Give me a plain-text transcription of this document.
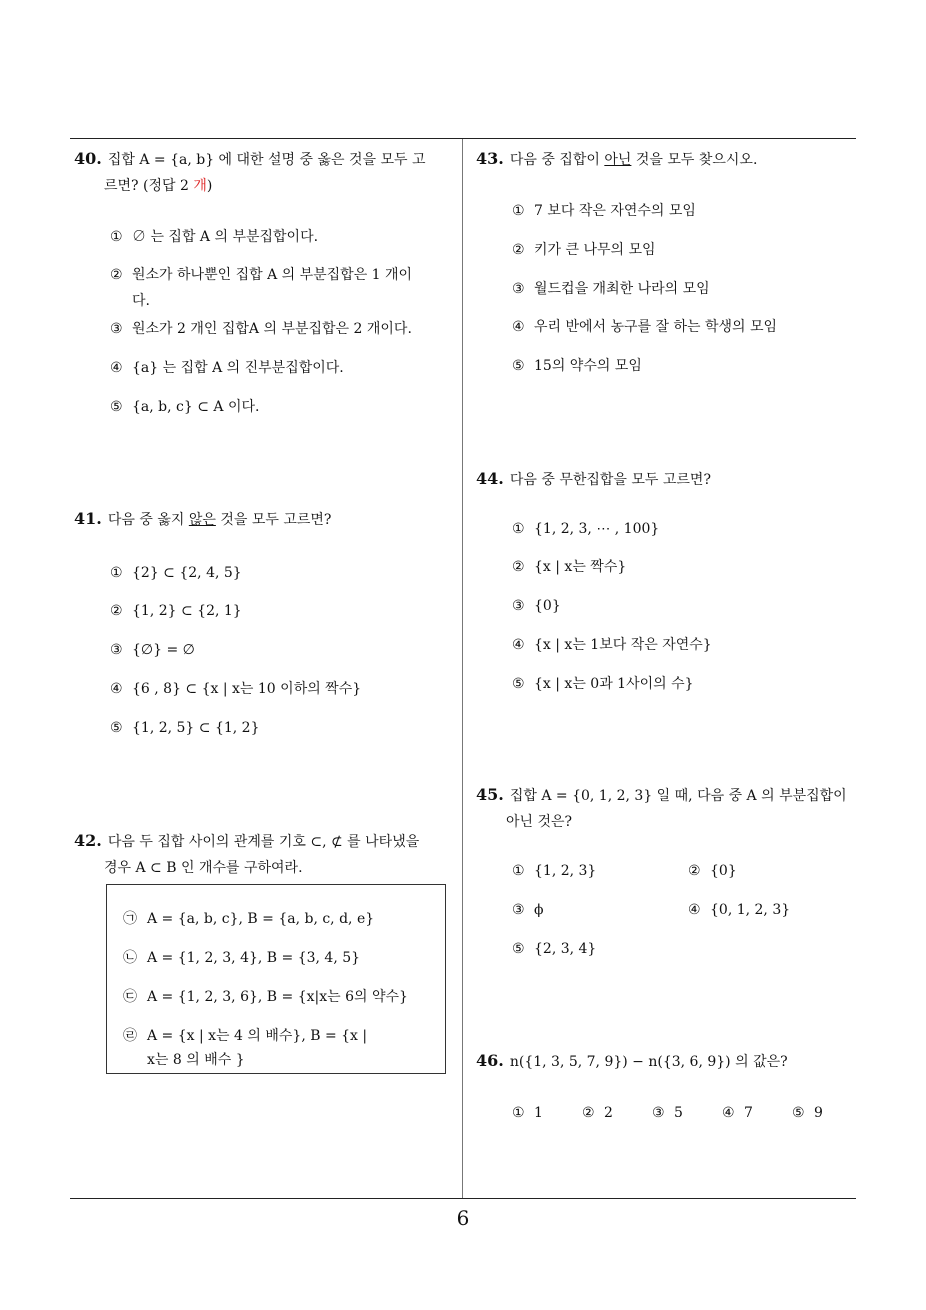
40. 집합 A = {a, b} 에 대한 설명 중 옳은 것을 모두 고
르면? (정답 2 개)
① ∅ 는 집합 A 의 부분집합이다.
② 원소가 하나뿐인 집합 A 의 부분집합은 1 개이
다.
③ 원소가 2 개인 집합A 의 부분집합은 2 개이다.
④ {a} 는 집합 A 의 진부분집합이다.
⑤ {a, b, c} ⊂ A 이다.
41. 다음 중 옳지 않은 것을 모두 고르면?
① {2} ⊂ {2, 4, 5}
② {1, 2} ⊂ {2, 1}
③ {∅} = ∅
④ {6 , 8} ⊂ {x | x는 10 이하의 짝수}
⑤ {1, 2, 5} ⊂ {1, 2}
42. 다음 두 집합 사이의 관계를 기호 ⊂, ⊄ 를 나타냈을
경우 A ⊂ B 인 개수를 구하여라.
㉠ A = {a, b, c}, B = {a, b, c, d, e}
㉡ A = {1, 2, 3, 4}, B = {3, 4, 5}
㉢ A = {1, 2, 3, 6}, B = {x|x는 6의 약수}
㉣ A = {x | x는 4 의 배수}, B = {x |
x는 8 의 배수 }
43. 다음 중 집합이 아닌 것을 모두 찾으시오.
① 7 보다 작은 자연수의 모임
② 키가 큰 나무의 모임
③ 월드컵을 개최한 나라의 모임
④ 우리 반에서 농구를 잘 하는 학생의 모임
⑤ 15의 약수의 모임
44. 다음 중 무한집합을 모두 고르면?
① {1, 2, 3, ⋯ , 100}
② {x | x는 짝수}
③ {0}
④ {x | x는 1보다 작은 자연수}
⑤ {x | x는 0과 1사이의 수}
45. 집합 A = {0, 1, 2, 3} 일 때, 다음 중 A 의 부분집합이
아닌 것은?
① {1, 2, 3}	② {0}
③ ϕ	④ {0, 1, 2, 3}
⑤ {2, 3, 4}
46. n({1, 3, 5, 7, 9}) − n({3, 6, 9}) 의 값은?
① 1	② 2	③ 5	④ 7	⑤ 9
6
